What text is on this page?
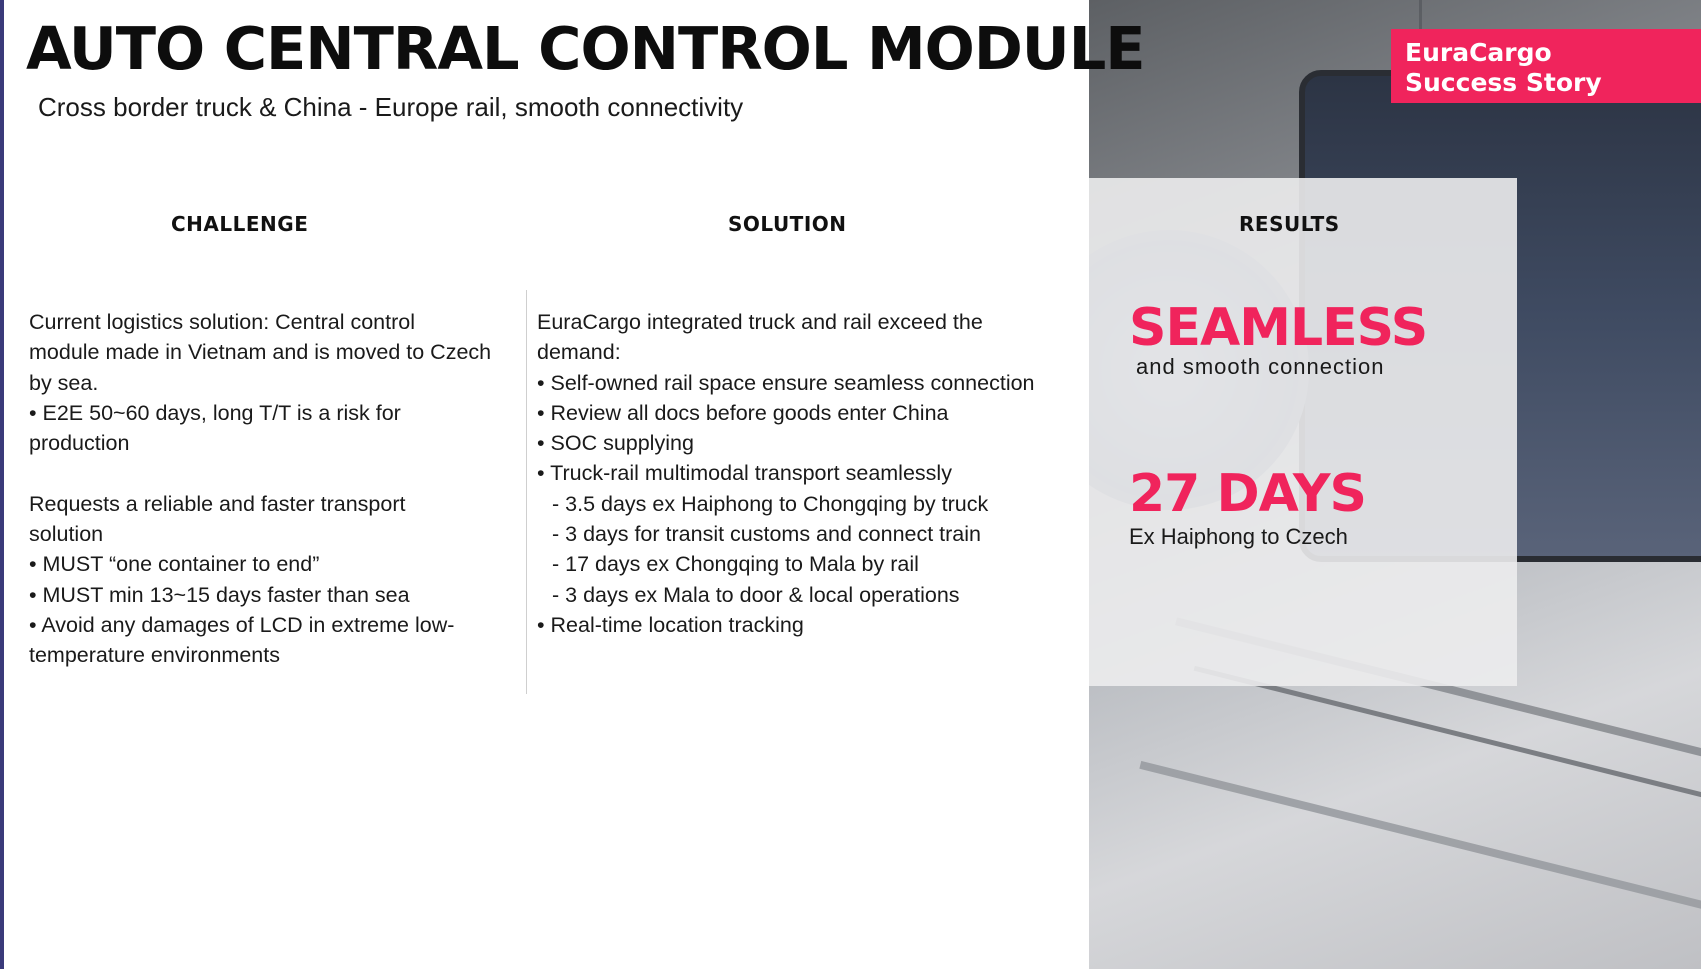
AUTO CENTRAL CONTROL MODULE
Cross border truck & China - Europe rail, smooth connectivity
EuraCargo
Success Story
CHALLENGE	SOLUTION	RESULTS

Current logistics solution: Central control

module made in Vietnam and is moved to Czech

by sea.

• E2E 50~60 days, long T/T is a risk for

production

Requests a reliable and faster transport

solution

• MUST “one container to end”

• MUST min 13~15 days faster than sea

• Avoid any damages of LCD in extreme low-

temperature environments

EuraCargo integrated truck and rail exceed the

demand:

• Self-owned rail space ensure seamless connection

• Review all docs before goods enter China

• SOC supplying

• Truck-rail multimodal transport seamlessly

- 3.5 days ex Haiphong to Chongqing by truck

- 3 days for transit customs and connect train

- 17 days ex Chongqing to Mala by rail

- 3 days ex Mala to door & local operations

• Real-time location tracking

SEAMLESS
and smooth connection
27 DAYS
Ex Haiphong to Czech
